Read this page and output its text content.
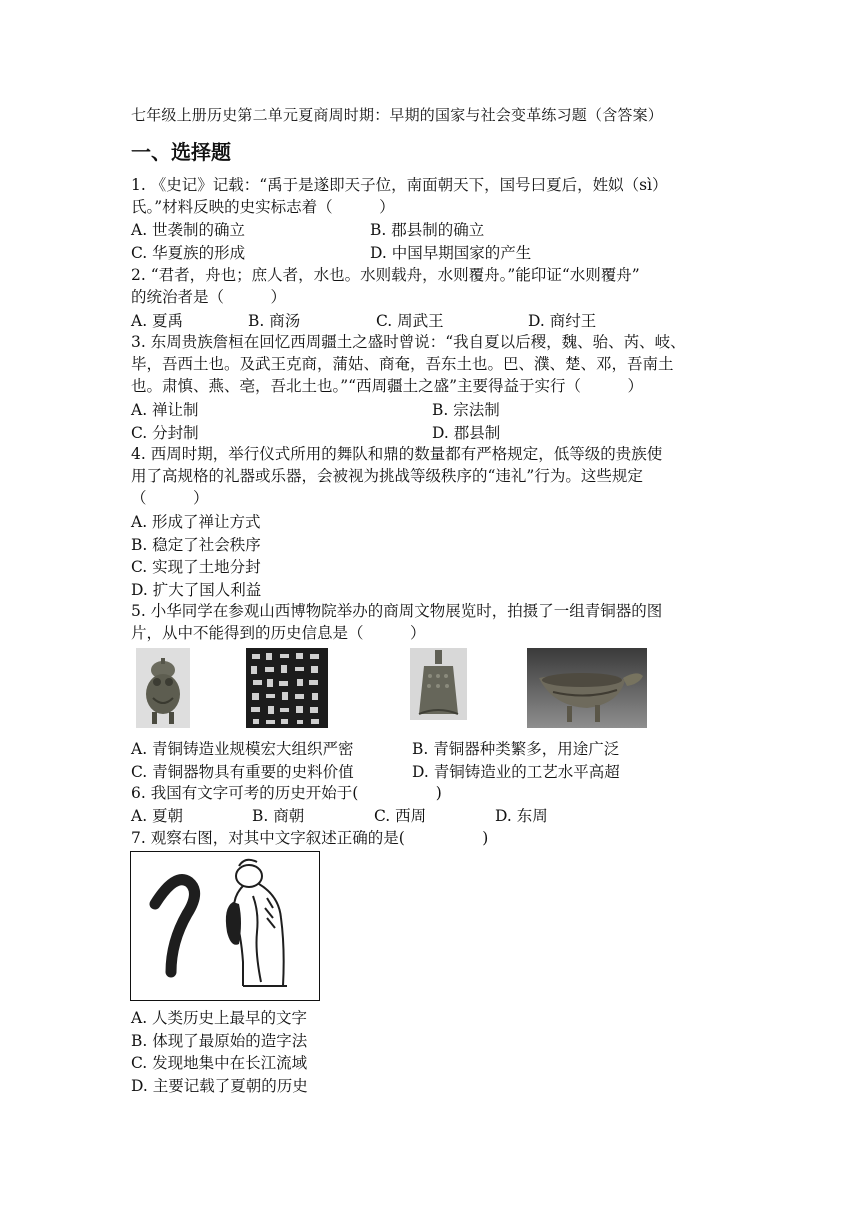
七年级上册历史第二单元夏商周时期：早期的国家与社会变革练习题（含答案）
一、选择题
1. 《史记》记载：“禹于是遂即天子位，南面朝天下，国号曰夏后，姓姒（sì）
氏。”材料反映的史实标志着（　　　）
A. 世袭制的确立	B. 郡县制的确立
C. 华夏族的形成	D. 中国早期国家的产生
2. “君者，舟也；庶人者，水也。水则载舟，水则覆舟。”能印证“水则覆舟”
的统治者是（　　　）
A. 夏禹	B. 商汤	C. 周武王	D. 商纣王
3. 东周贵族詹桓在回忆西周疆土之盛时曾说：“我自夏以后稷，魏、骀、芮、岐、
毕，吾西土也。及武王克商，蒲姑、商奄，吾东土也。巴、濮、楚、邓，吾南土
也。肃慎、燕、亳，吾北土也。”“西周疆土之盛”主要得益于实行（　　　）
A. 禅让制	B. 宗法制
C. 分封制	D. 郡县制
4. 西周时期，举行仪式所用的舞队和鼎的数量都有严格规定，低等级的贵族使
用了高规格的礼器或乐器，会被视为挑战等级秩序的“违礼”行为。这些规定
（　　　）
A. 形成了禅让方式
B. 稳定了社会秩序
C. 实现了土地分封
D. 扩大了国人利益
5. 小华同学在参观山西博物院举办的商周文物展览时，拍摄了一组青铜器的图
片，从中不能得到的历史信息是（　　　）
A. 青铜铸造业规模宏大组织严密	B. 青铜器种类繁多，用途广泛
C. 青铜器物具有重要的史料价值	D. 青铜铸造业的工艺水平高超
6. 我国有文字可考的历史开始于(　　　　　)
A. 夏朝	B. 商朝	C. 西周	D. 东周
7. 观察右图，对其中文字叙述正确的是(　　　　　)
A. 人类历史上最早的文字
B. 体现了最原始的造字法
C. 发现地集中在长江流域
D. 主要记载了夏朝的历史
